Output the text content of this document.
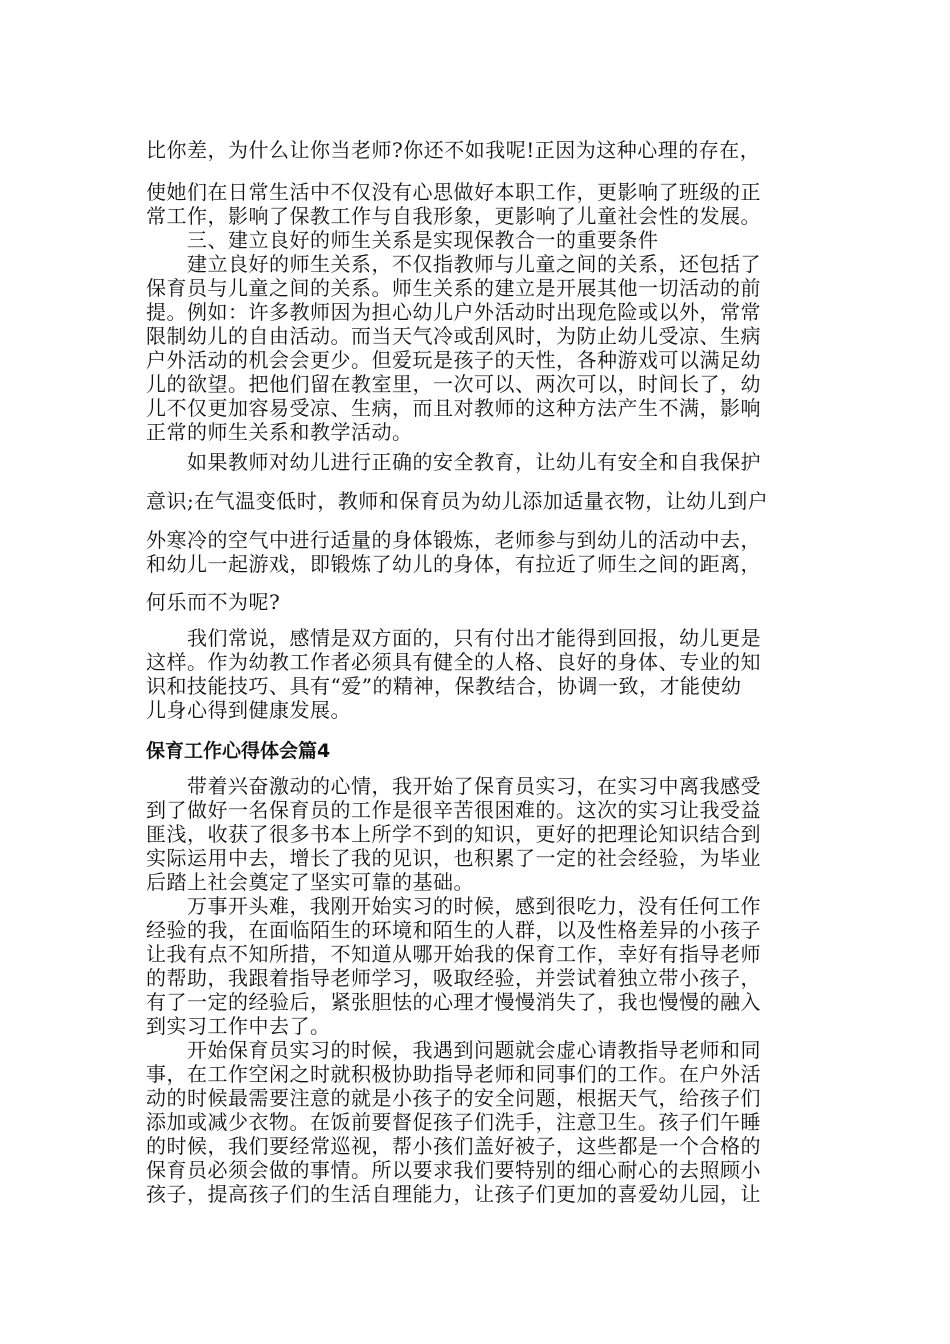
比你差，为什么让你当老师?你还不如我呢!正因为这种心理的存在，
使她们在日常生活中不仅没有心思做好本职工作，更影响了班级的正
常工作，影响了保教工作与自我形象，更影响了儿童社会性的发展。
　　三、建立良好的师生关系是实现保教合一的重要条件
　　建立良好的师生关系，不仅指教师与儿童之间的关系，还包括了
保育员与儿童之间的关系。师生关系的建立是开展其他一切活动的前
提。例如：许多教师因为担心幼儿户外活动时出现危险或以外，常常
限制幼儿的自由活动。而当天气冷或刮风时，为防止幼儿受凉、生病
户外活动的机会会更少。但爱玩是孩子的天性，各种游戏可以满足幼
儿的欲望。把他们留在教室里，一次可以、两次可以，时间长了，幼
儿不仅更加容易受凉、生病，而且对教师的这种方法产生不满，影响
正常的师生关系和教学活动。
　　如果教师对幼儿进行正确的安全教育，让幼儿有安全和自我保护
意识;在气温变低时，教师和保育员为幼儿添加适量衣物，让幼儿到户
外寒冷的空气中进行适量的身体锻炼，老师参与到幼儿的活动中去，
和幼儿一起游戏，即锻炼了幼儿的身体，有拉近了师生之间的距离，
何乐而不为呢?
　　我们常说，感情是双方面的，只有付出才能得到回报，幼儿更是
这样。作为幼教工作者必须具有健全的人格、良好的身体、专业的知
识和技能技巧、具有“爱”的精神，保教结合，协调一致，才能使幼
儿身心得到健康发展。
保育工作心得体会篇4
　　带着兴奋激动的心情，我开始了保育员实习，在实习中离我感受
到了做好一名保育员的工作是很辛苦很困难的。这次的实习让我受益
匪浅，收获了很多书本上所学不到的知识，更好的把理论知识结合到
实际运用中去，增长了我的见识，也积累了一定的社会经验，为毕业
后踏上社会奠定了坚实可靠的基础。
　　万事开头难，我刚开始实习的时候，感到很吃力，没有任何工作
经验的我，在面临陌生的环境和陌生的人群，以及性格差异的小孩子
让我有点不知所措，不知道从哪开始我的保育工作，幸好有指导老师
的帮助，我跟着指导老师学习，吸取经验，并尝试着独立带小孩子，
有了一定的经验后，紧张胆怯的心理才慢慢消失了，我也慢慢的融入
到实习工作中去了。
　　开始保育员实习的时候，我遇到问题就会虚心请教指导老师和同
事，在工作空闲之时就积极协助指导老师和同事们的工作。在户外活
动的时候最需要注意的就是小孩子的安全问题，根据天气，给孩子们
添加或减少衣物。在饭前要督促孩子们洗手，注意卫生。孩子们午睡
的时候，我们要经常巡视，帮小孩们盖好被子，这些都是一个合格的
保育员必须会做的事情。所以要求我们要特别的细心耐心的去照顾小
孩子，提高孩子们的生活自理能力，让孩子们更加的喜爱幼儿园，让
